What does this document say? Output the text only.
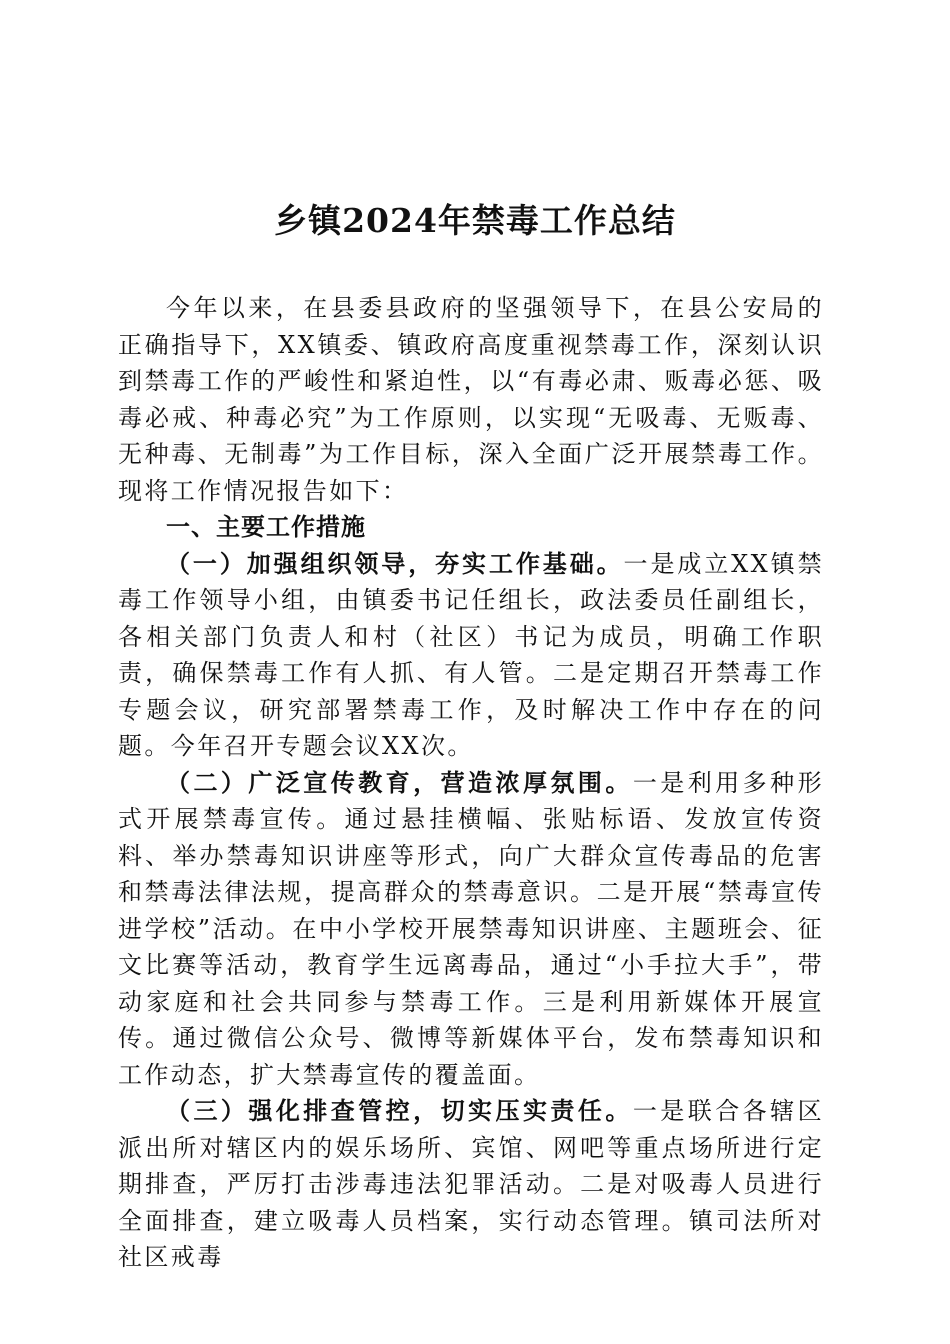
乡镇2024年禁毒工作总结

今年以来，在县委县政府的坚强领导下，在县公安局的正确指导下，XX镇委、镇政府高度重视禁毒工作，深刻认识到禁毒工作的严峻性和紧迫性，以“有毒必肃、贩毒必惩、吸毒必戒、种毒必究”为工作原则，以实现“无吸毒、无贩毒、无种毒、无制毒”为工作目标，深入全面广泛开展禁毒工作。现将工作情况报告如下：

一、主要工作措施

（一）加强组织领导，夯实工作基础。一是成立XX镇禁毒工作领导小组，由镇委书记任组长，政法委员任副组长，各相关部门负责人和村（社区）书记为成员，明确工作职责，确保禁毒工作有人抓、有人管。二是定期召开禁毒工作专题会议，研究部署禁毒工作，及时解决工作中存在的问题。今年召开专题会议XX次。

（二）广泛宣传教育，营造浓厚氛围。一是利用多种形式开展禁毒宣传。通过悬挂横幅、张贴标语、发放宣传资料、举办禁毒知识讲座等形式，向广大群众宣传毒品的危害和禁毒法律法规，提高群众的禁毒意识。二是开展“禁毒宣传进学校”活动。在中小学校开展禁毒知识讲座、主题班会、征文比赛等活动，教育学生远离毒品，通过“小手拉大手”，带动家庭和社会共同参与禁毒工作。三是利用新媒体开展宣传。通过微信公众号、微博等新媒体平台，发布禁毒知识和工作动态，扩大禁毒宣传的覆盖面。

（三）强化排查管控，切实压实责任。一是联合各辖区派出所对辖区内的娱乐场所、宾馆、网吧等重点场所进行定期排查，严厉打击涉毒违法犯罪活动。二是对吸毒人员进行全面排查，建立吸毒人员档案，实行动态管理。镇司法所对社区戒毒
